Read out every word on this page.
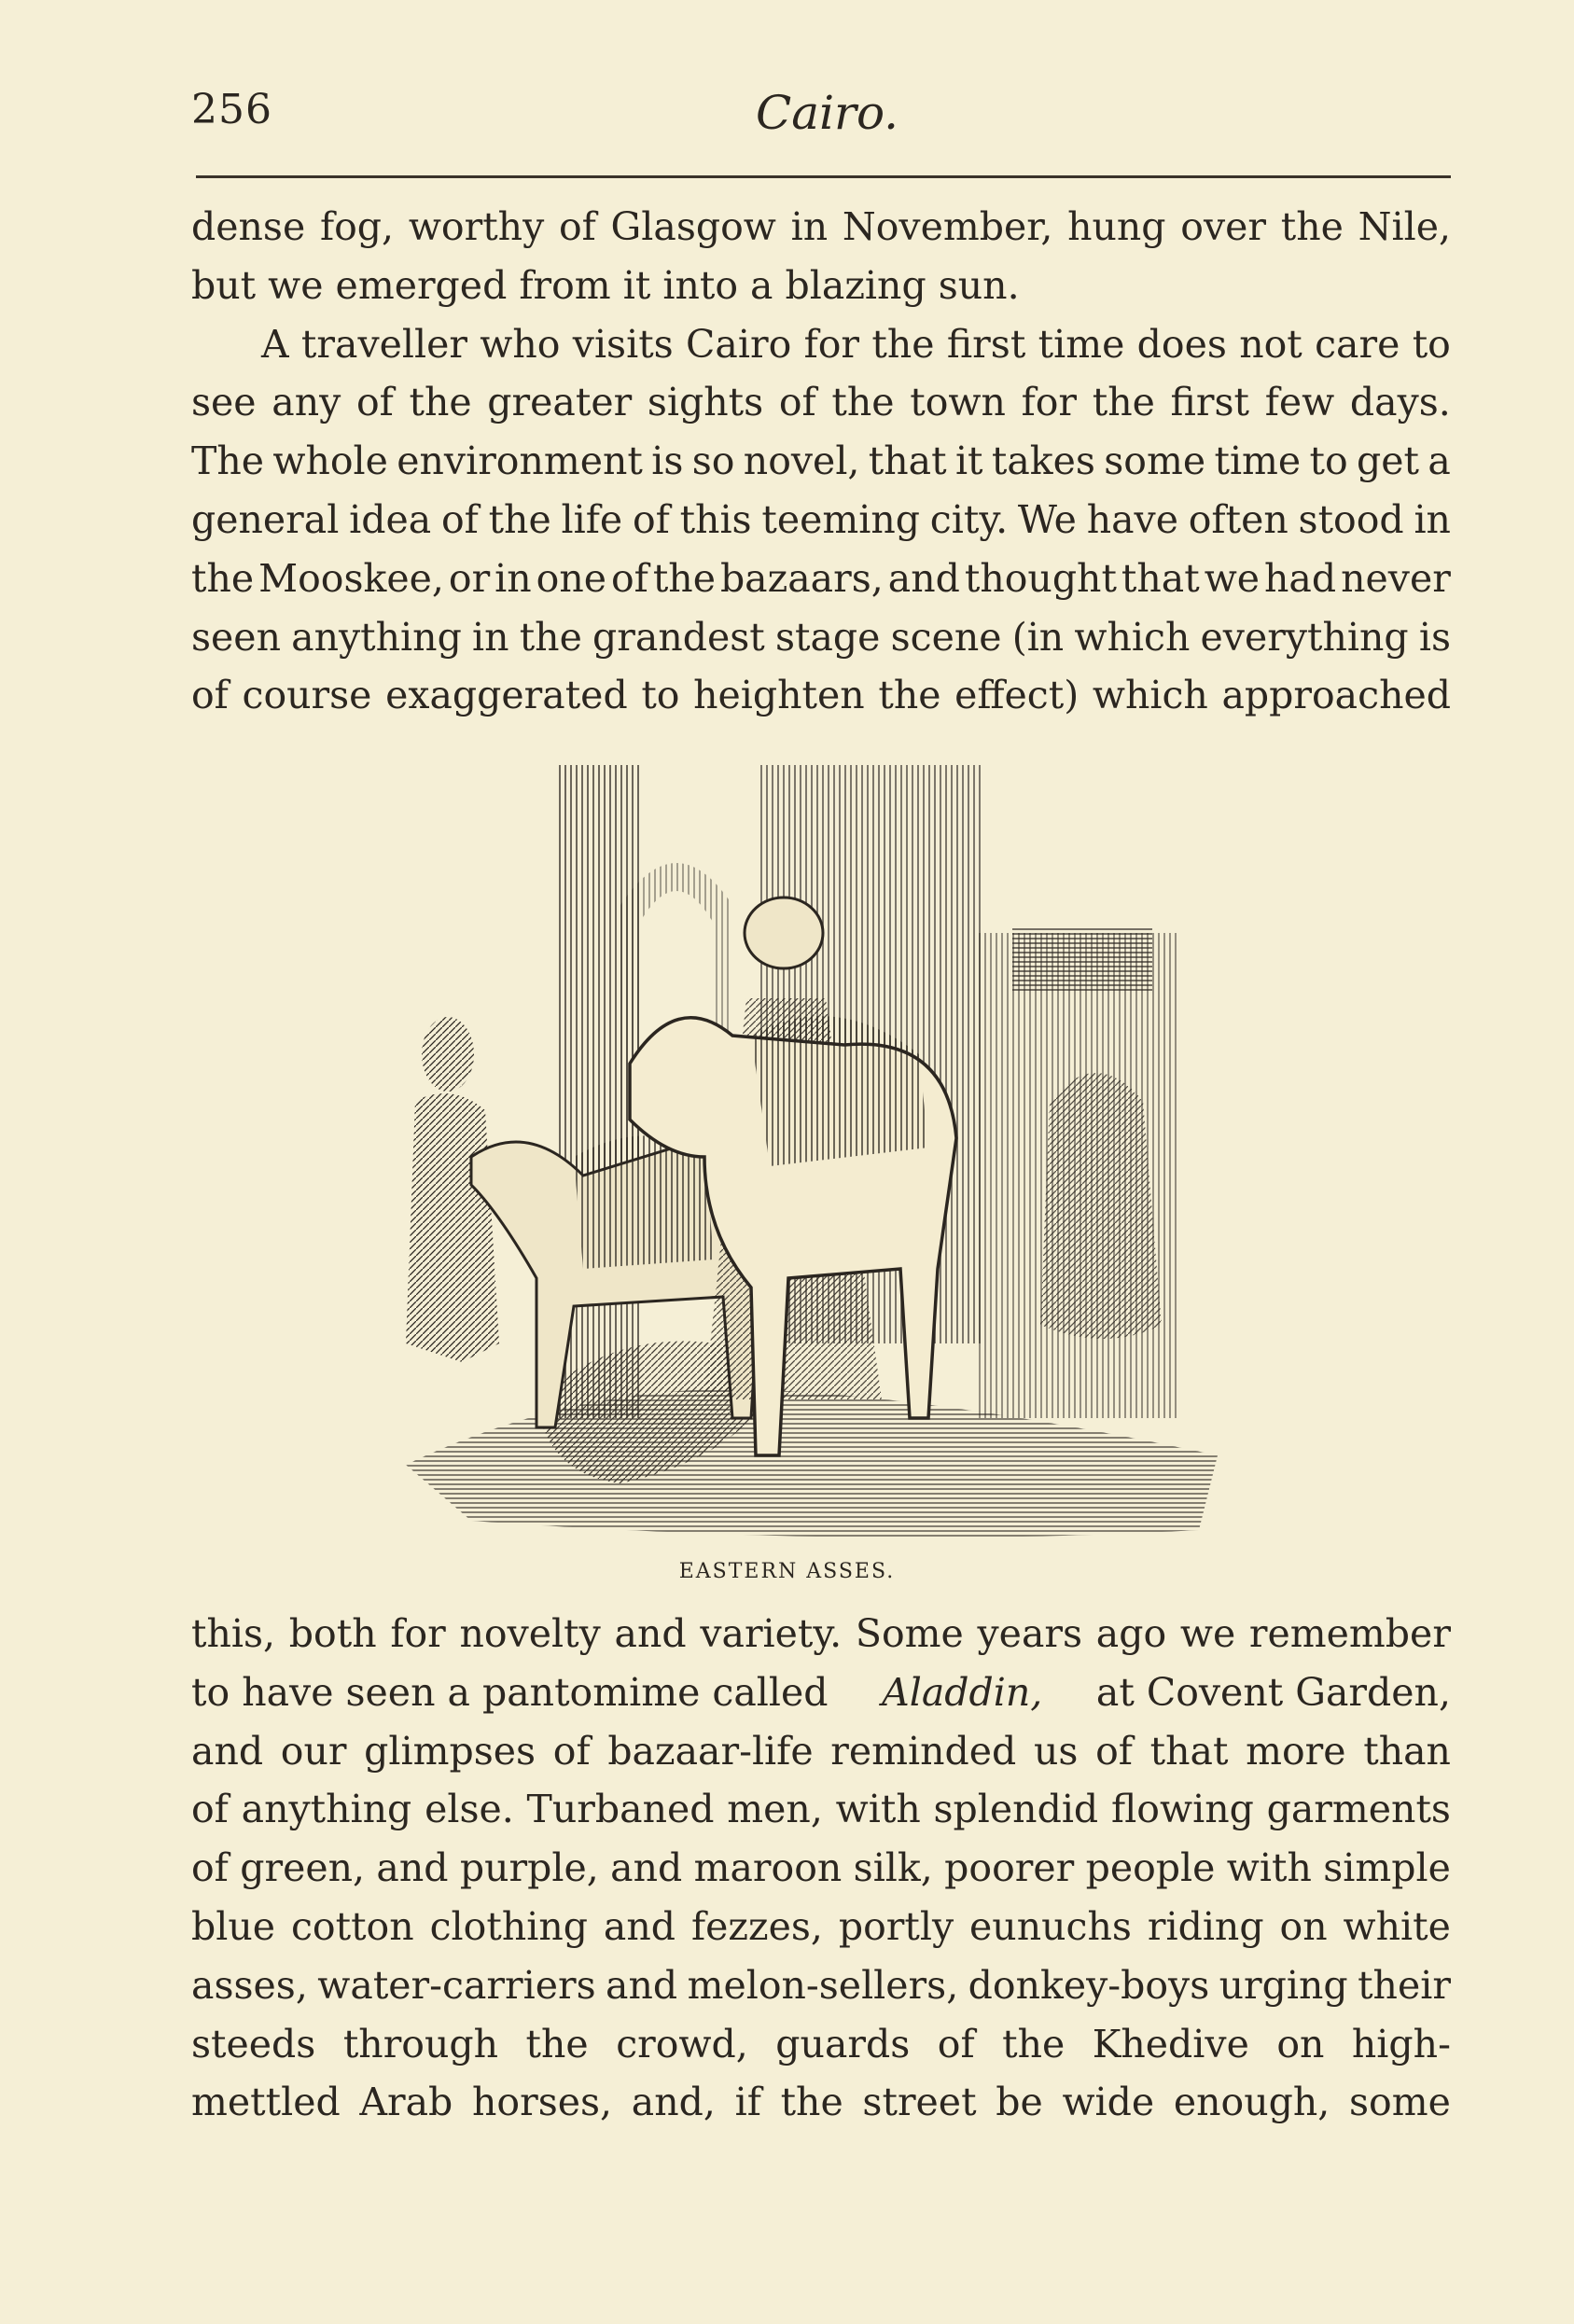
256	Cairo.
dense fog, worthy of Glasgow in November, hung over the Nile,
but we emerged from it into a blazing sun.
A traveller who visits Cairo for the first time does not care to
see any of the greater sights of the town for the first few days.
The whole environment is so novel, that it takes some time to get a
general idea of the life of this teeming city. We have often stood in
the Mooskee, or in one of the bazaars, and thought that we had never
seen anything in the grandest stage scene (in which everything is
of course exaggerated to heighten the effect) which approached
EASTERN ASSES.
this, both for novelty and variety. Some years ago we remember
to have seen a pantomime called Aladdin, at Covent Garden,
and our glimpses of bazaar-life reminded us of that more than
of anything else. Turbaned men, with splendid flowing garments
of green, and purple, and maroon silk, poorer people with simple
blue cotton clothing and fezzes, portly eunuchs riding on white
asses, water-carriers and melon-sellers, donkey-boys urging their
steeds through the crowd, guards of the Khedive on high-
mettled Arab horses, and, if the street be wide enough, some
